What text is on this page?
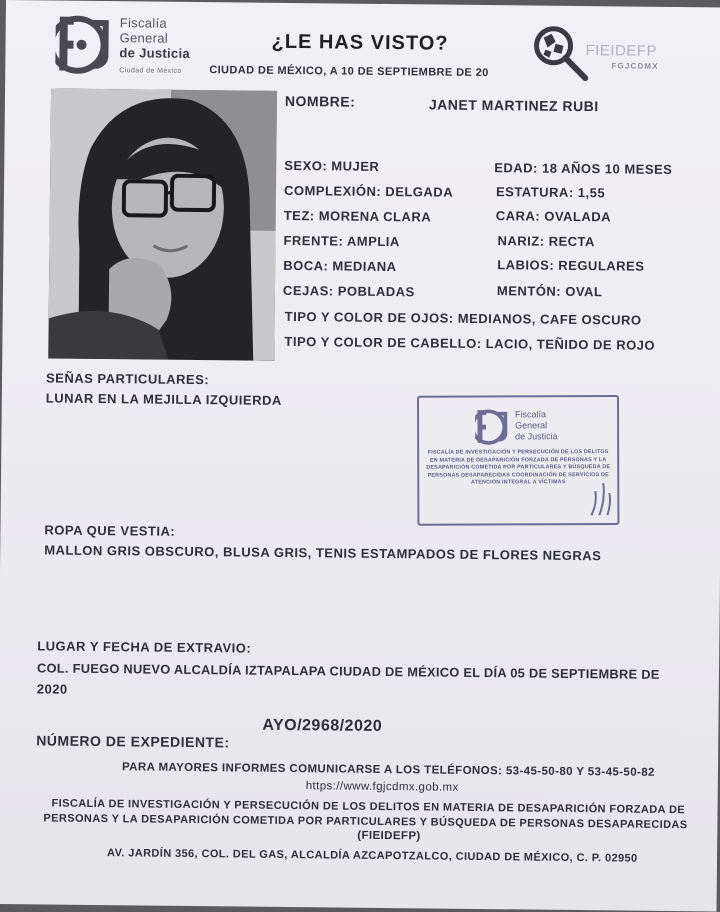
Fiscalía
General
de Justicia
Ciudad de México
¿LE HAS VISTO?
CIUDAD DE MÉXICO, A 10 DE SEPTIEMBRE DE 20
FIEIDEFP
FGJCDMX
NOMBRE:	JANET MARTINEZ RUBI
SEXO: MUJER	EDAD: 18 AÑOS 10 MESES
COMPLEXIÓN: DELGADA	ESTATURA: 1,55
TEZ: MORENA CLARA	CARA: OVALADA
FRENTE: AMPLIA	NARIZ: RECTA
BOCA: MEDIANA	LABIOS: REGULARES
CEJAS: POBLADAS	MENTÓN: OVAL
TIPO Y COLOR DE OJOS: MEDIANOS, CAFE OSCURO
TIPO Y COLOR DE CABELLO: LACIO, TEÑIDO DE ROJO
SEÑAS PARTICULARES:
LUNAR EN LA MEJILLA IZQUIERDA
Fiscalía
General
de Justicia
FISCALÍA DE INVESTIGACIÓN Y PERSECUCIÓN DE LOS DELITOS EN MATERIA DE DESAPARICIÓN FORZADA DE PERSONAS Y LA DESAPARICIÓN COMETIDA POR PARTICULARES Y BÚSQUEDA DE PERSONAS DESAPARECIDAS COORDINACIÓN DE SERVICIOS DE ATENCIÓN INTEGRAL A VÍCTIMAS
ROPA QUE VESTIA:
MALLON GRIS OBSCURO, BLUSA GRIS, TENIS ESTAMPADOS DE FLORES NEGRAS
LUGAR Y FECHA DE EXTRAVIO:
COL. FUEGO NUEVO ALCALDÍA IZTAPALAPA CIUDAD DE MÉXICO EL DÍA 05 DE SEPTIEMBRE DE
2020
NÚMERO DE EXPEDIENTE:
AYO/2968/2020
PARA MAYORES INFORMES COMUNICARSE A LOS TELÉFONOS: 53-45-50-80 Y 53-45-50-82
https://www.fgjcdmx.gob.mx
FISCALÍA DE INVESTIGACIÓN Y PERSECUCIÓN DE LOS DELITOS EN MATERIA DE DESAPARICIÓN FORZADA DE
PERSONAS Y LA DESAPARICIÓN COMETIDA POR PARTICULARES Y BÚSQUEDA DE PERSONAS DESAPARECIDAS
(FIEIDEFP)
AV. JARDÍN 356, COL. DEL GAS, ALCALDÍA AZCAPOTZALCO, CIUDAD DE MÉXICO, C. P. 02950
